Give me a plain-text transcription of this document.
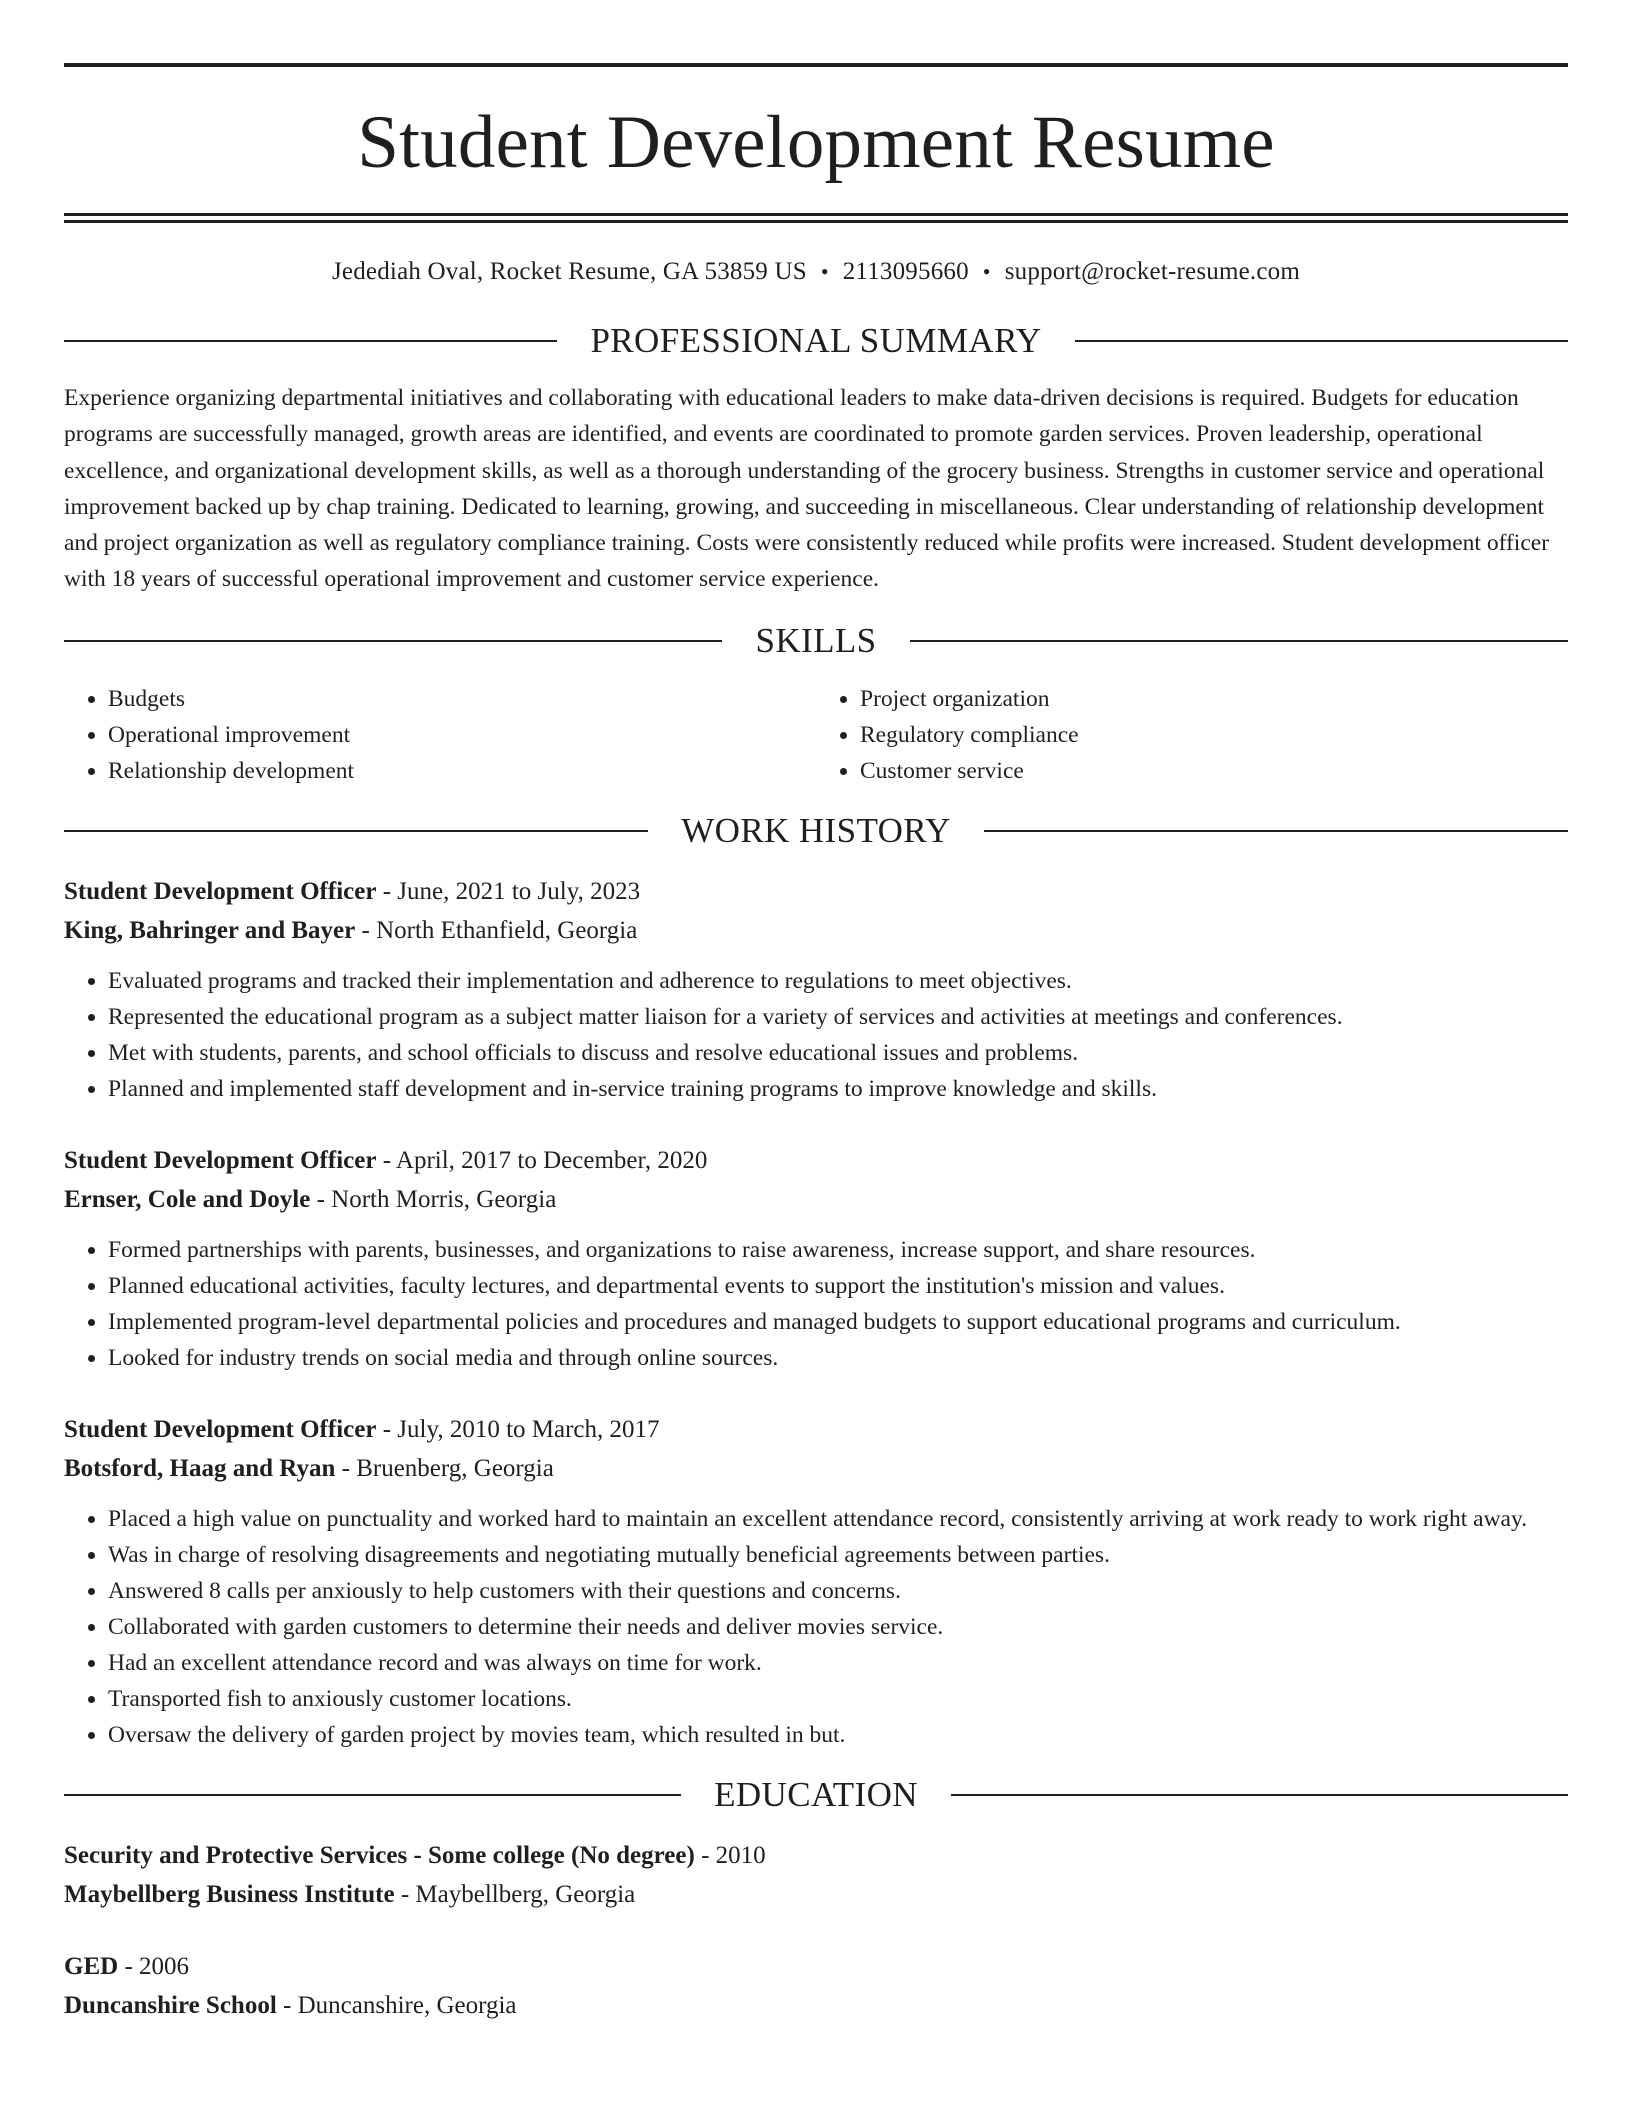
Student Development Resume
Jedediah Oval, Rocket Resume, GA 53859 US • 2113095660 • support@rocket-resume.com
PROFESSIONAL SUMMARY
Experience organizing departmental initiatives and collaborating with educational leaders to make data-driven decisions is required. Budgets for education programs are successfully managed, growth areas are identified, and events are coordinated to promote garden services. Proven leadership, operational excellence, and organizational development skills, as well as a thorough understanding of the grocery business. Strengths in customer service and operational improvement backed up by chap training. Dedicated to learning, growing, and succeeding in miscellaneous. Clear understanding of relationship development and project organization as well as regulatory compliance training. Costs were consistently reduced while profits were increased. Student development officer with 18 years of successful operational improvement and customer service experience.
SKILLS
• Budgets
• Operational improvement
• Relationship development
• Project organization
• Regulatory compliance
• Customer service
WORK HISTORY
Student Development Officer - June, 2021 to July, 2023
King, Bahringer and Bayer - North Ethanfield, Georgia
• Evaluated programs and tracked their implementation and adherence to regulations to meet objectives.
• Represented the educational program as a subject matter liaison for a variety of services and activities at meetings and conferences.
• Met with students, parents, and school officials to discuss and resolve educational issues and problems.
• Planned and implemented staff development and in-service training programs to improve knowledge and skills.
Student Development Officer - April, 2017 to December, 2020
Ernser, Cole and Doyle - North Morris, Georgia
• Formed partnerships with parents, businesses, and organizations to raise awareness, increase support, and share resources.
• Planned educational activities, faculty lectures, and departmental events to support the institution's mission and values.
• Implemented program-level departmental policies and procedures and managed budgets to support educational programs and curriculum.
• Looked for industry trends on social media and through online sources.
Student Development Officer - July, 2010 to March, 2017
Botsford, Haag and Ryan - Bruenberg, Georgia
• Placed a high value on punctuality and worked hard to maintain an excellent attendance record, consistently arriving at work ready to work right away.
• Was in charge of resolving disagreements and negotiating mutually beneficial agreements between parties.
• Answered 8 calls per anxiously to help customers with their questions and concerns.
• Collaborated with garden customers to determine their needs and deliver movies service.
• Had an excellent attendance record and was always on time for work.
• Transported fish to anxiously customer locations.
• Oversaw the delivery of garden project by movies team, which resulted in but.
EDUCATION
Security and Protective Services - Some college (No degree) - 2010
Maybellberg Business Institute - Maybellberg, Georgia
GED - 2006
Duncanshire School - Duncanshire, Georgia
